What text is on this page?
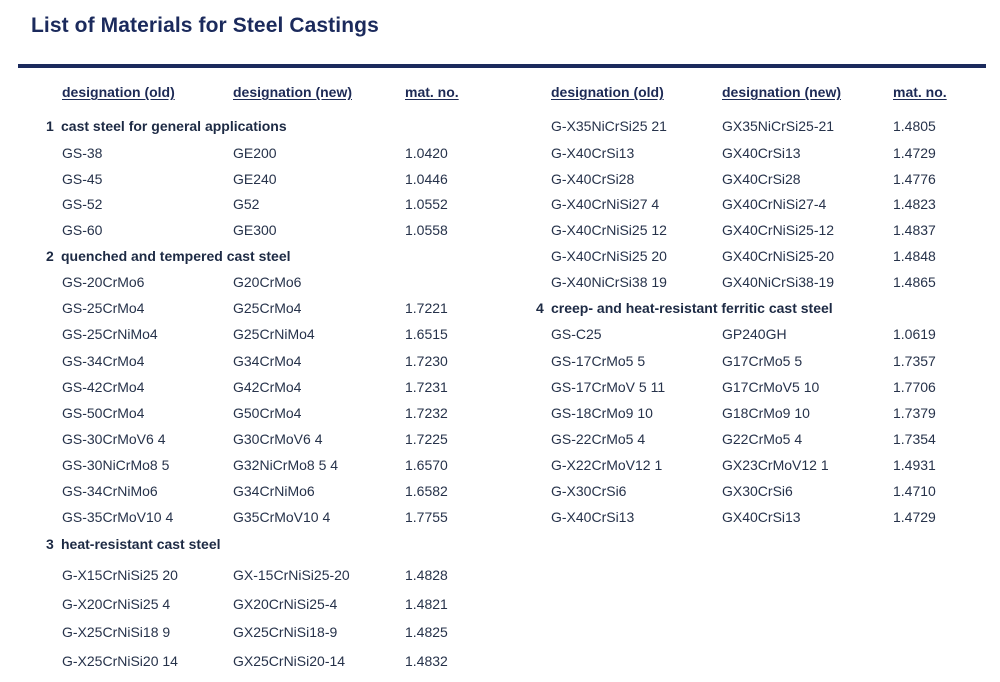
List of Materials for Steel Castings
designation (old)	designation (new)	mat. no.	designation (old)	designation (new)	mat. no.
1 cast steel for general applications
GS-38	GE200	1.0420
GS-45	GE240	1.0446
GS-52	G52	1.0552
GS-60	GE300	1.0558
2 quenched and tempered cast steel
GS-20CrMo6	G20CrMo6
GS-25CrMo4	G25CrMo4	1.7221
GS-25CrNiMo4	G25CrNiMo4	1.6515
GS-34CrMo4	G34CrMo4	1.7230
GS-42CrMo4	G42CrMo4	1.7231
GS-50CrMo4	G50CrMo4	1.7232
GS-30CrMoV6 4	G30CrMoV6 4	1.7225
GS-30NiCrMo8 5	G32NiCrMo8 5 4	1.6570
GS-34CrNiMo6	G34CrNiMo6	1.6582
GS-35CrMoV10 4	G35CrMoV10 4	1.7755
3 heat-resistant cast steel
G-X15CrNiSi25 20	GX-15CrNiSi25-20	1.4828
G-X20CrNiSi25 4	GX20CrNiSi25-4	1.4821
G-X25CrNiSi18 9	GX25CrNiSi18-9	1.4825
G-X25CrNiSi20 14	GX25CrNiSi20-14	1.4832
G-X35NiCrSi25 21	GX35NiCrSi25-21	1.4805
G-X40CrSi13	GX40CrSi13	1.4729
G-X40CrSi28	GX40CrSi28	1.4776
G-X40CrNiSi27 4	GX40CrNiSi27-4	1.4823
G-X40CrNiSi25 12	GX40CrNiSi25-12	1.4837
G-X40CrNiSi25 20	GX40CrNiSi25-20	1.4848
G-X40NiCrSi38 19	GX40NiCrSi38-19	1.4865
4 creep- and heat-resistant ferritic cast steel
GS-C25	GP240GH	1.0619
GS-17CrMo5 5	G17CrMo5 5	1.7357
GS-17CrMoV 5 11	G17CrMoV5 10	1.7706
GS-18CrMo9 10	G18CrMo9 10	1.7379
GS-22CrMo5 4	G22CrMo5 4	1.7354
G-X22CrMoV12 1	GX23CrMoV12 1	1.4931
G-X30CrSi6	GX30CrSi6	1.4710
G-X40CrSi13	GX40CrSi13	1.4729
